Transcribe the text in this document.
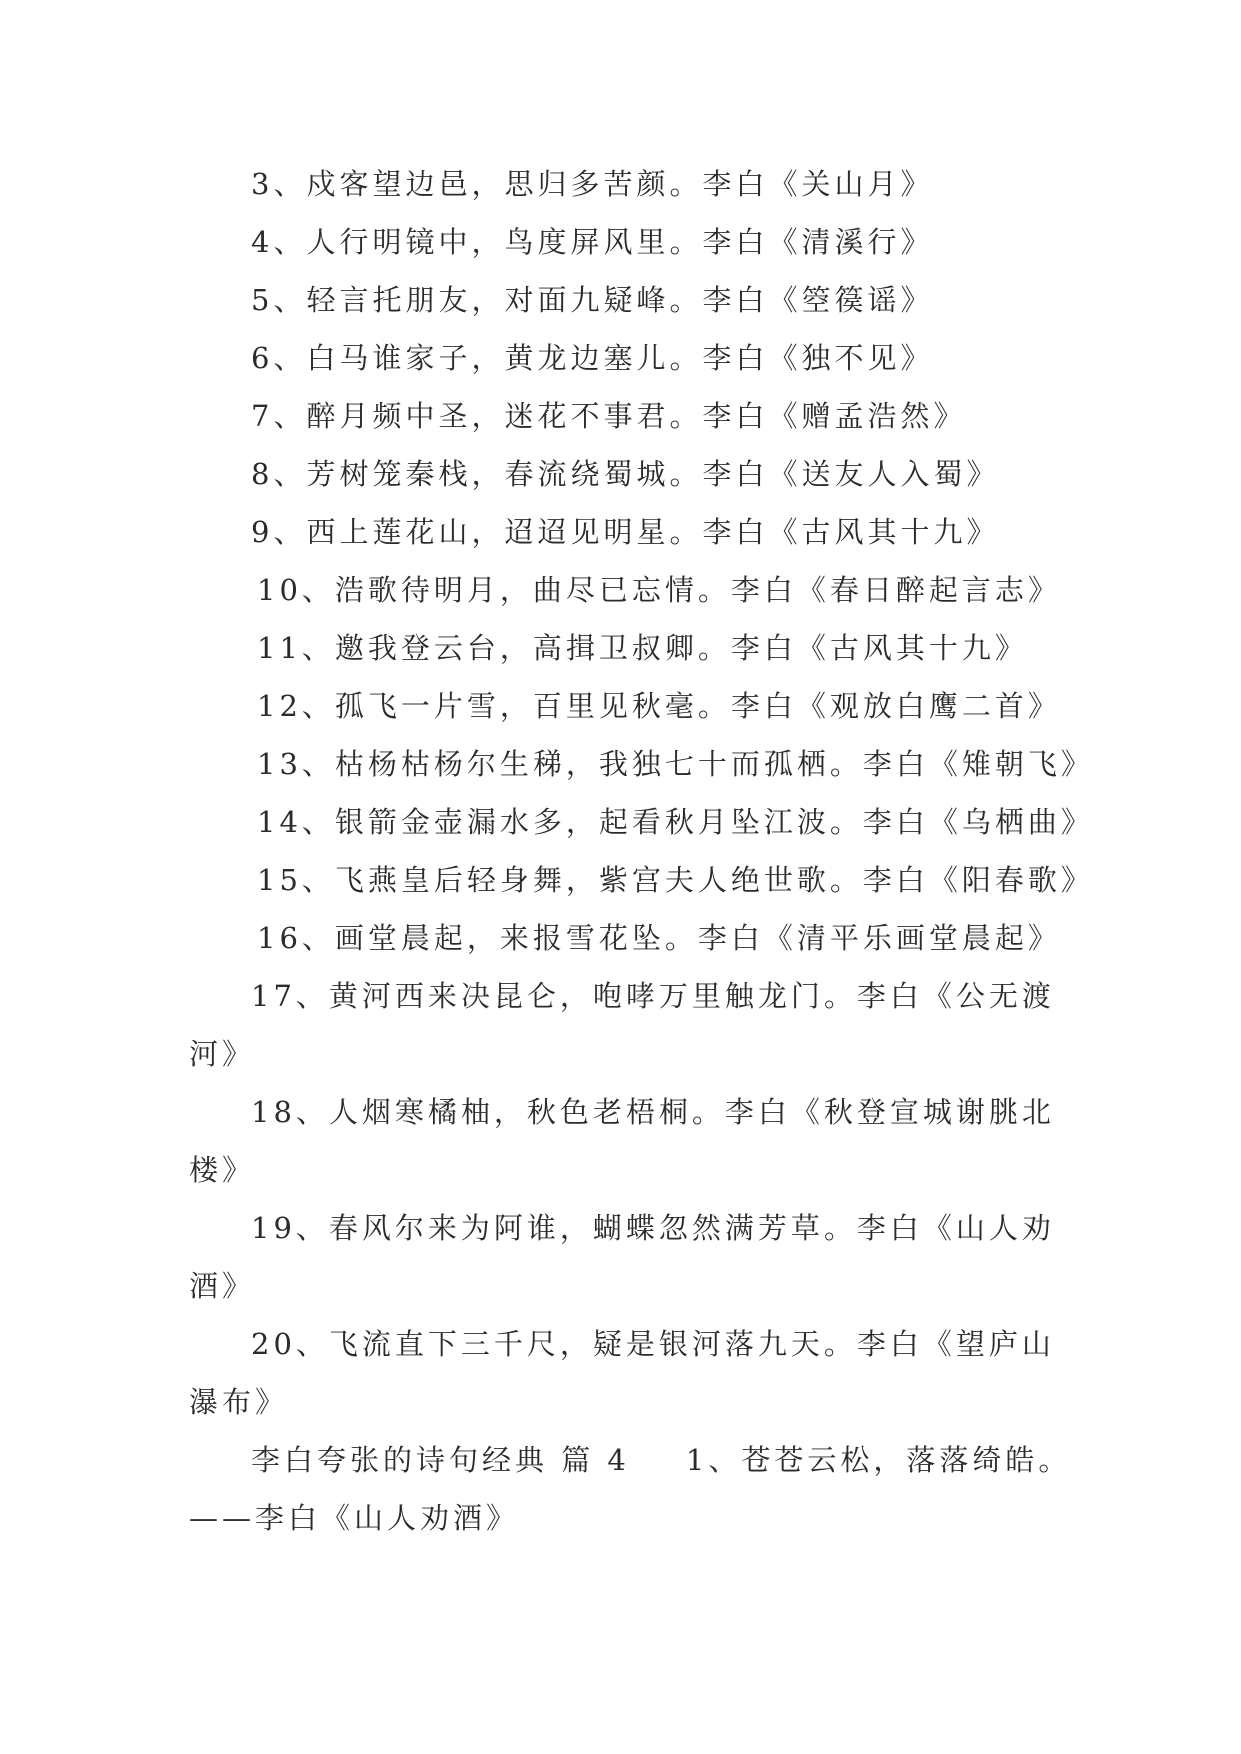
3、戍客望边邑，思归多苦颜。李白《关山月》

4、人行明镜中，鸟度屏风里。李白《清溪行》

5、轻言托朋友，对面九疑峰。李白《箜篌谣》

6、白马谁家子，黄龙边塞儿。李白《独不见》

7、醉月频中圣，迷花不事君。李白《赠孟浩然》

8、芳树笼秦栈，春流绕蜀城。李白《送友人入蜀》

9、西上莲花山，迢迢见明星。李白《古风其十九》

10、浩歌待明月，曲尽已忘情。李白《春日醉起言志》

11、邀我登云台，高揖卫叔卿。李白《古风其十九》

12、孤飞一片雪，百里见秋毫。李白《观放白鹰二首》

13、枯杨枯杨尔生稊，我独七十而孤栖。李白《雉朝飞》

14、银箭金壶漏水多，起看秋月坠江波。李白《乌栖曲》

15、飞燕皇后轻身舞，紫宫夫人绝世歌。李白《阳春歌》

16、画堂晨起，来报雪花坠。李白《清平乐画堂晨起》

17、黄河西来决昆仑，咆哮万里触龙门。李白《公无渡

河》

18、人烟寒橘柚，秋色老梧桐。李白《秋登宣城谢朓北

楼》

19、春风尔来为阿谁，蝴蝶忽然满芳草。李白《山人劝

酒》

20、飞流直下三千尺，疑是银河落九天。李白《望庐山

瀑布》

李白夸张的诗句经典 篇 4 1、苍苍云松，落落绮皓。

——李白《山人劝酒》
